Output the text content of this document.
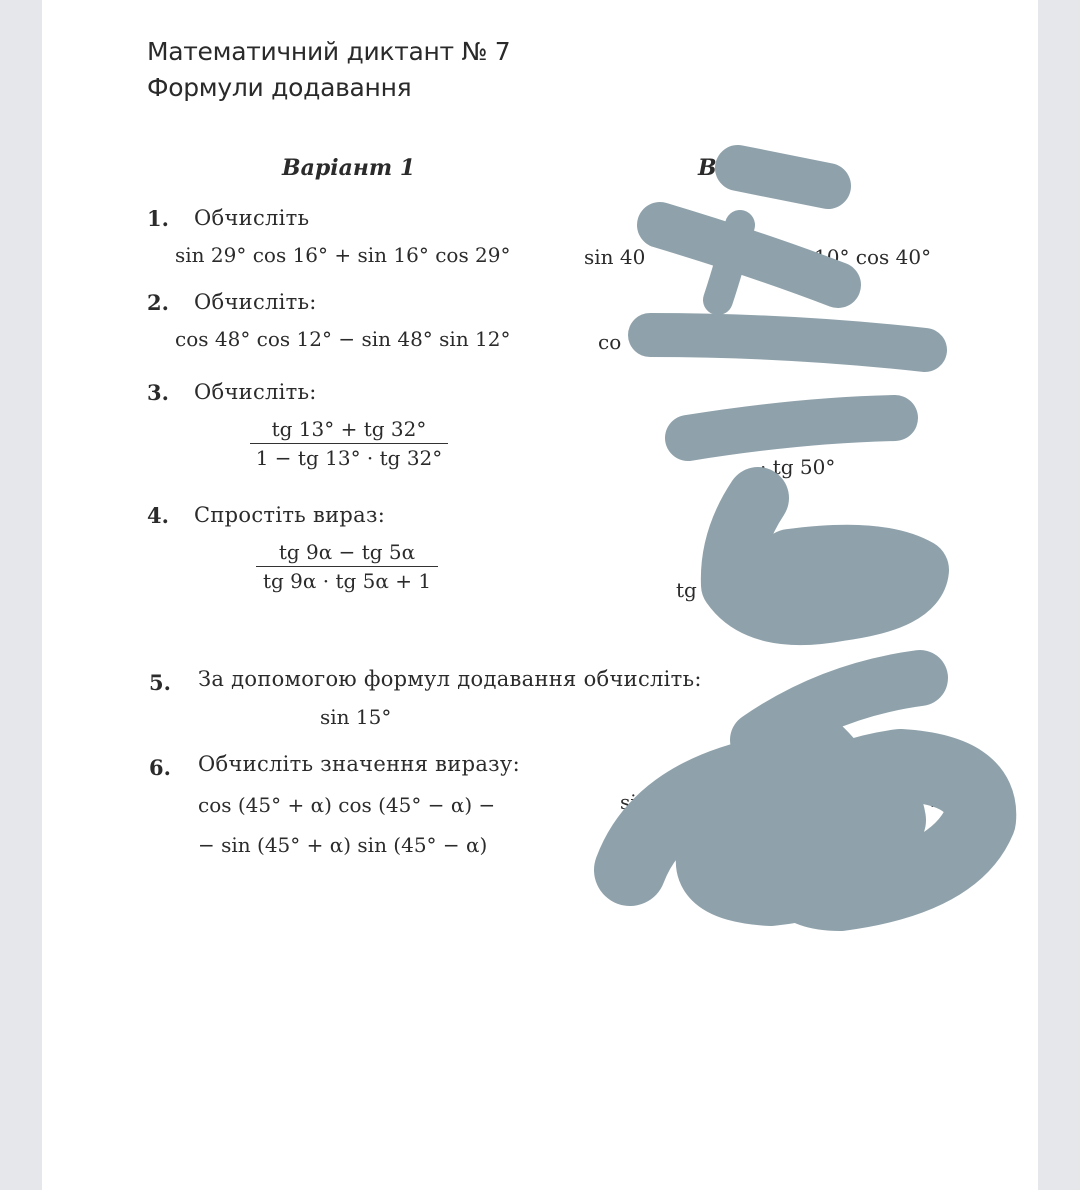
Математичний диктант № 7
Формули додавання
Варіант 1	В
1. Обчисліть
sin 29° cos 16° + sin 16° cos 29°	sin 40	10° cos 40°
2. Обчисліть:
cos 48° cos 12° − sin 48° sin 12°	co
3. Обчисліть:
$\frac{tg 13^\circ + tg 32^\circ}{1 - tg 13^\circ \cdot tg 32^\circ}$	· tg 50°
4. Спростіть вираз:
$\frac{tg 9\alpha - tg 5\alpha}{tg 9\alpha \cdot tg 5\alpha + 1}$	tg
5. За допомогою формул додавання обчисліть:
sin 15°
6. Обчисліть значення виразу:
cos (45° + α) cos (45° − α) −
− sin (45° + α) sin (45° − α)
si	+
